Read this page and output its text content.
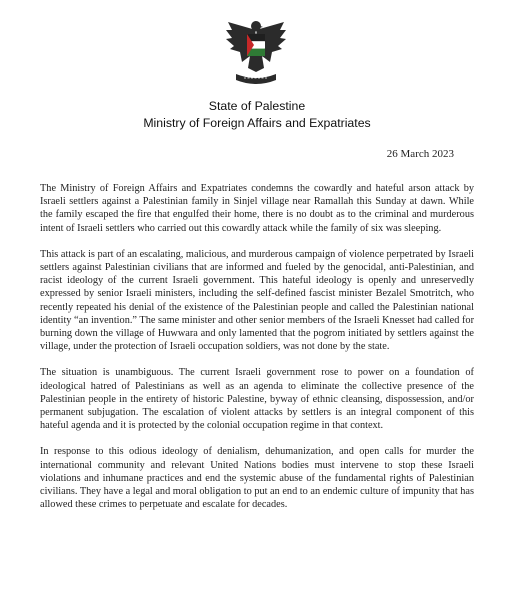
State of Palestine
Ministry of Foreign Affairs and Expatriates
26 March 2023

The Ministry of Foreign Affairs and Expatriates condemns the cowardly and hateful arson attack by Israeli settlers against a Palestinian family in Sinjel village near Ramallah this Sunday at dawn. While the family escaped the fire that engulfed their home, there is no doubt as to the criminal and murderous intent of Israeli settlers who carried out this cowardly attack while the family of six was sleeping.

This attack is part of an escalating, malicious, and murderous campaign of violence perpetrated by Israeli settlers against Palestinian civilians that are informed and fueled by the genocidal, anti-Palestinian, and racist ideology of the current Israeli government. This hateful ideology is openly and unreservedly expressed by senior Israeli ministers, including the self-defined fascist minister Bezalel Smotritch, who recently repeated his denial of the existence of the Palestinian people and called the Palestinian national identity “an invention.” The same minister and other senior members of the Israeli Knesset had called for burning down the village of Huwwara and only lamented that the pogrom initiated by settlers against the village, under the protection of Israeli occupation soldiers, was not done by the state.

The situation is unambiguous. The current Israeli government rose to power on a foundation of ideological hatred of Palestinians as well as an agenda to eliminate the collective presence of the Palestinian people in the entirety of historic Palestine, byway of ethnic cleansing, dispossession, and/or permanent subjugation. The escalation of violent attacks by settlers is an integral component of this hateful agenda and it is protected by the colonial occupation regime in that context.

In response to this odious ideology of denialism, dehumanization, and open calls for murder the international community and relevant United Nations bodies must intervene to stop these Israeli violations and inhumane practices and end the systemic abuse of the fundamental rights of Palestinian civilians. They have a legal and moral obligation to put an end to an endemic culture of impunity that has allowed these crimes to perpetuate and escalate for decades.
